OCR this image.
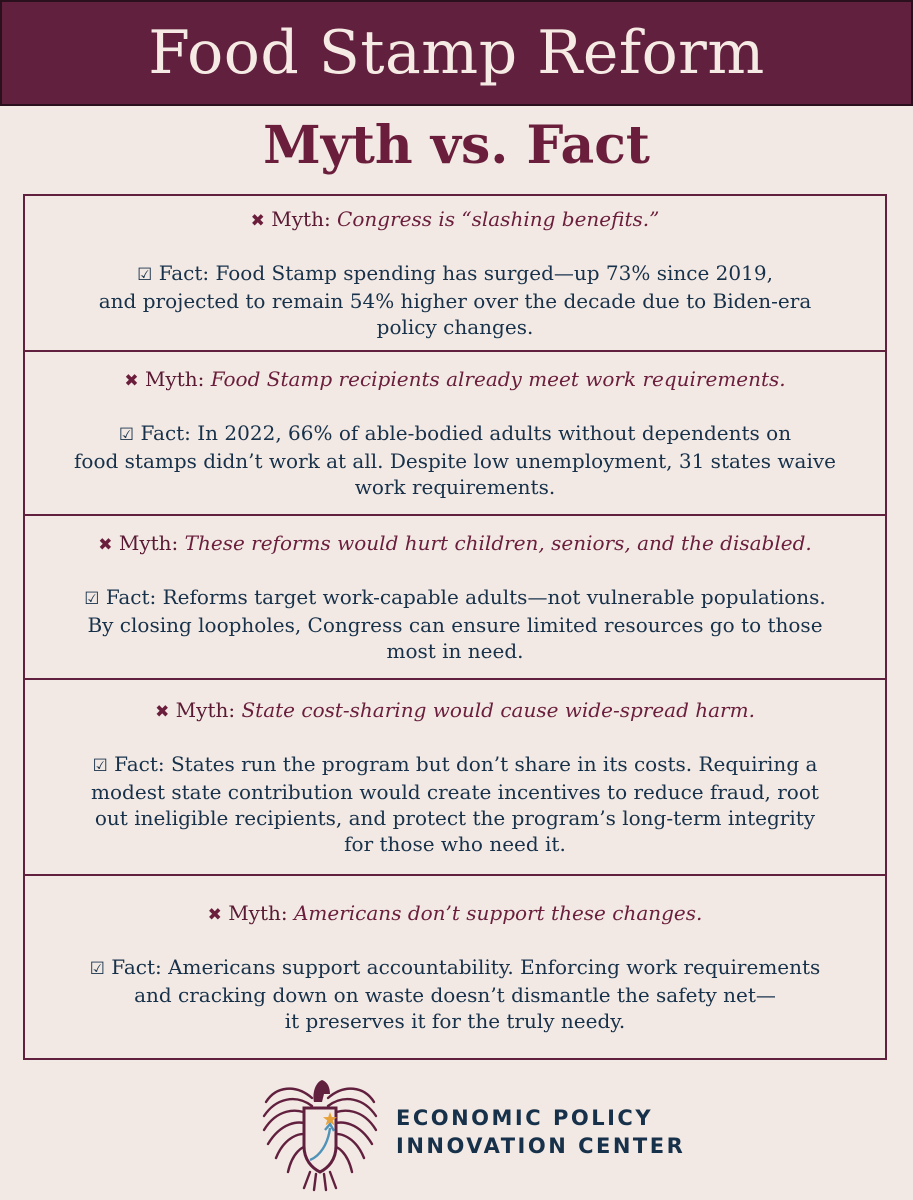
Food Stamp Reform
Myth vs. Fact
✖ Myth: Congress is “slashing benefits.”
☑ Fact: Food Stamp spending has surged—up 73% since 2019,
and projected to remain 54% higher over the decade due to Biden-era
policy changes.
✖ Myth: Food Stamp recipients already meet work requirements.
☑ Fact: In 2022, 66% of able-bodied adults without dependents on
food stamps didn’t work at all. Despite low unemployment, 31 states waive
work requirements.
✖ Myth: These reforms would hurt children, seniors, and the disabled.
☑ Fact: Reforms target work-capable adults—not vulnerable populations.
By closing loopholes, Congress can ensure limited resources go to those
most in need.
✖ Myth: State cost-sharing would cause wide-spread harm.
☑ Fact: States run the program but don’t share in its costs. Requiring a
modest state contribution would create incentives to reduce fraud, root
out ineligible recipients, and protect the program’s long-term integrity
for those who need it.
✖ Myth: Americans don’t support these changes.
☑ Fact: Americans support accountability. Enforcing work requirements
and cracking down on waste doesn’t dismantle the safety net—
it preserves it for the truly needy.
ECONOMIC POLICY
INNOVATION CENTER
